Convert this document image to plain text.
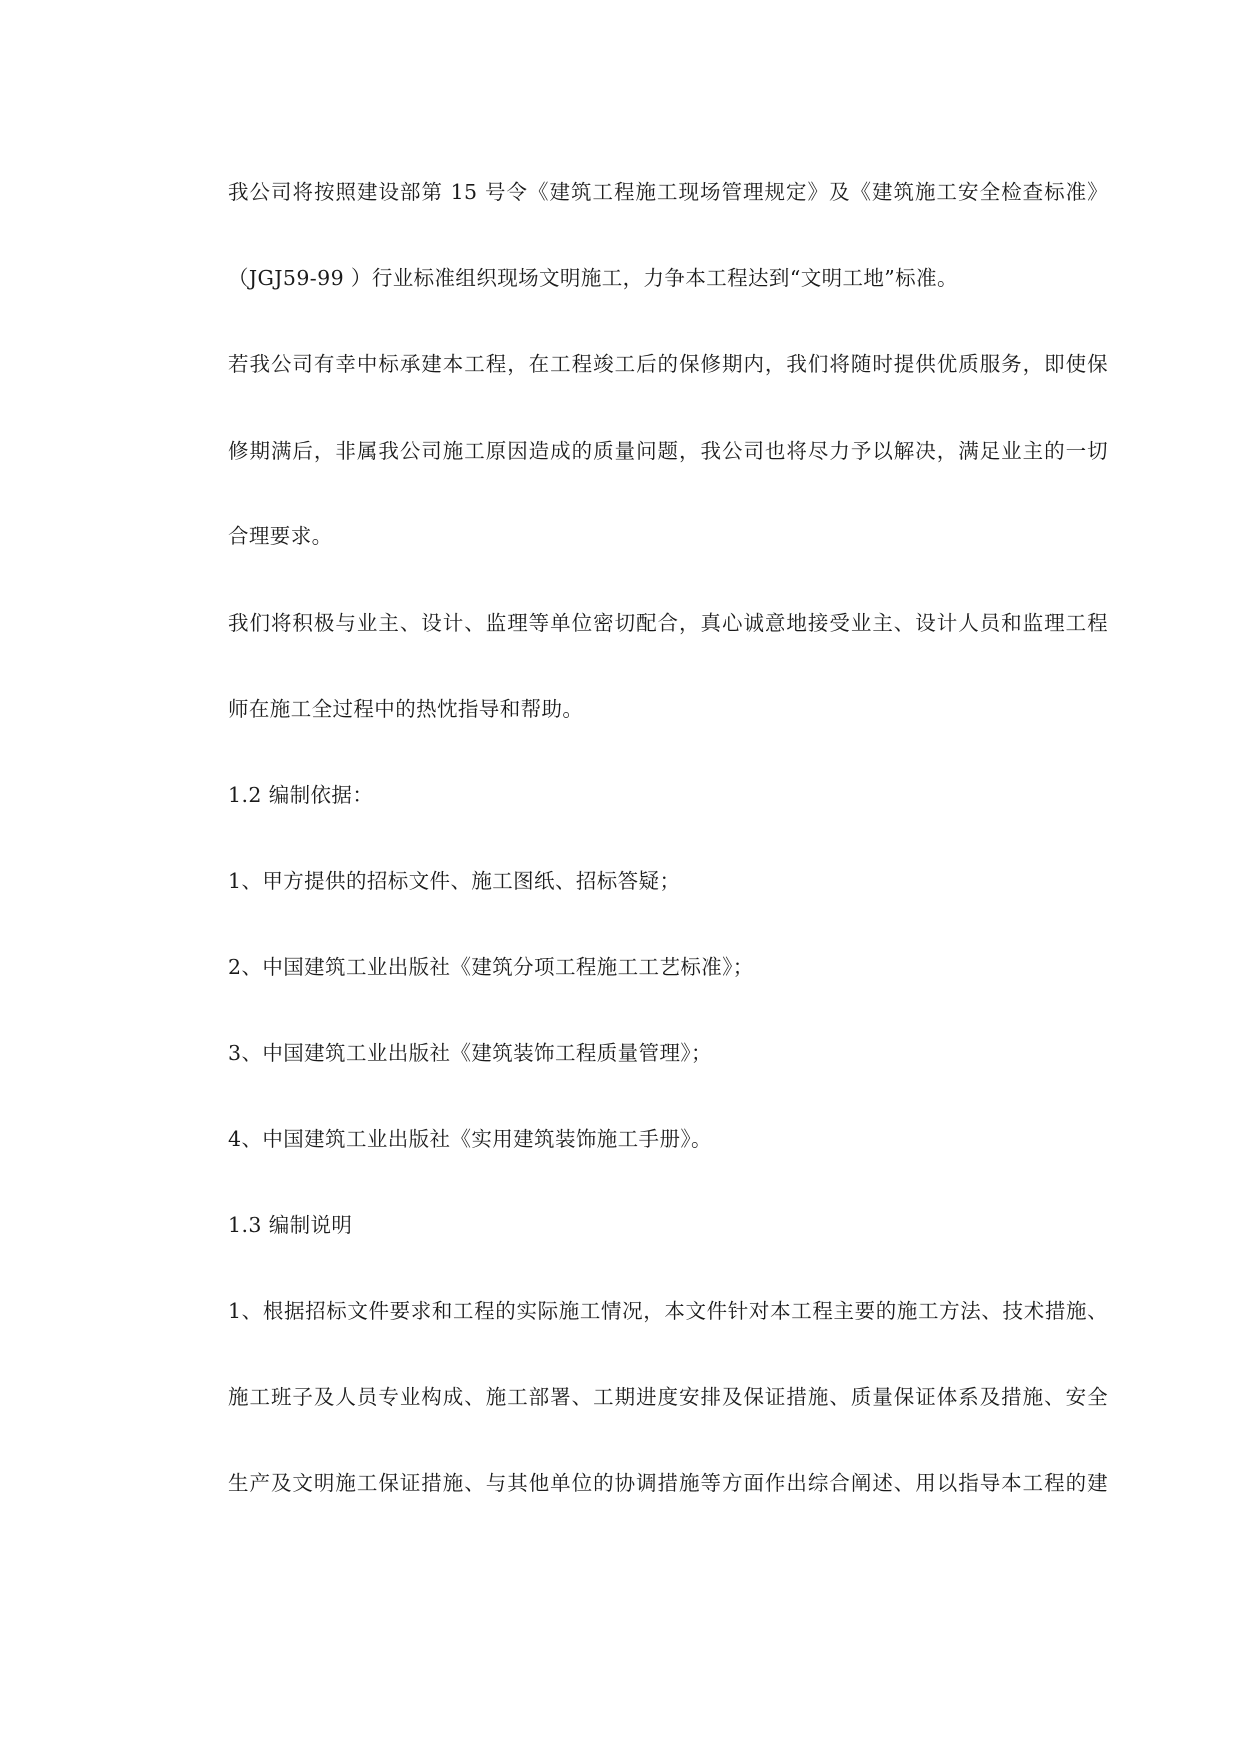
我公司将按照建设部第 15 号令《建筑工程施工现场管理规定》及《建筑施工安全检查标准》
（JGJ59-99 ）行业标准组织现场文明施工，力争本工程达到“文明工地”标准。
若我公司有幸中标承建本工程，在工程竣工后的保修期内，我们将随时提供优质服务，即使保
修期满后，非属我公司施工原因造成的质量问题，我公司也将尽力予以解决，满足业主的一切
合理要求。
我们将积极与业主、设计、监理等单位密切配合，真心诚意地接受业主、设计人员和监理工程
师在施工全过程中的热忱指导和帮助。
1.2 编制依据：
1、甲方提供的招标文件、施工图纸、招标答疑；
2、中国建筑工业出版社《建筑分项工程施工工艺标准》；
3、中国建筑工业出版社《建筑装饰工程质量管理》；
4、中国建筑工业出版社《实用建筑装饰施工手册》。
1.3 编制说明
1、根据招标文件要求和工程的实际施工情况，本文件针对本工程主要的施工方法、技术措施、
施工班子及人员专业构成、施工部署、工期进度安排及保证措施、质量保证体系及措施、安全
生产及文明施工保证措施、与其他单位的协调措施等方面作出综合阐述、用以指导本工程的建
